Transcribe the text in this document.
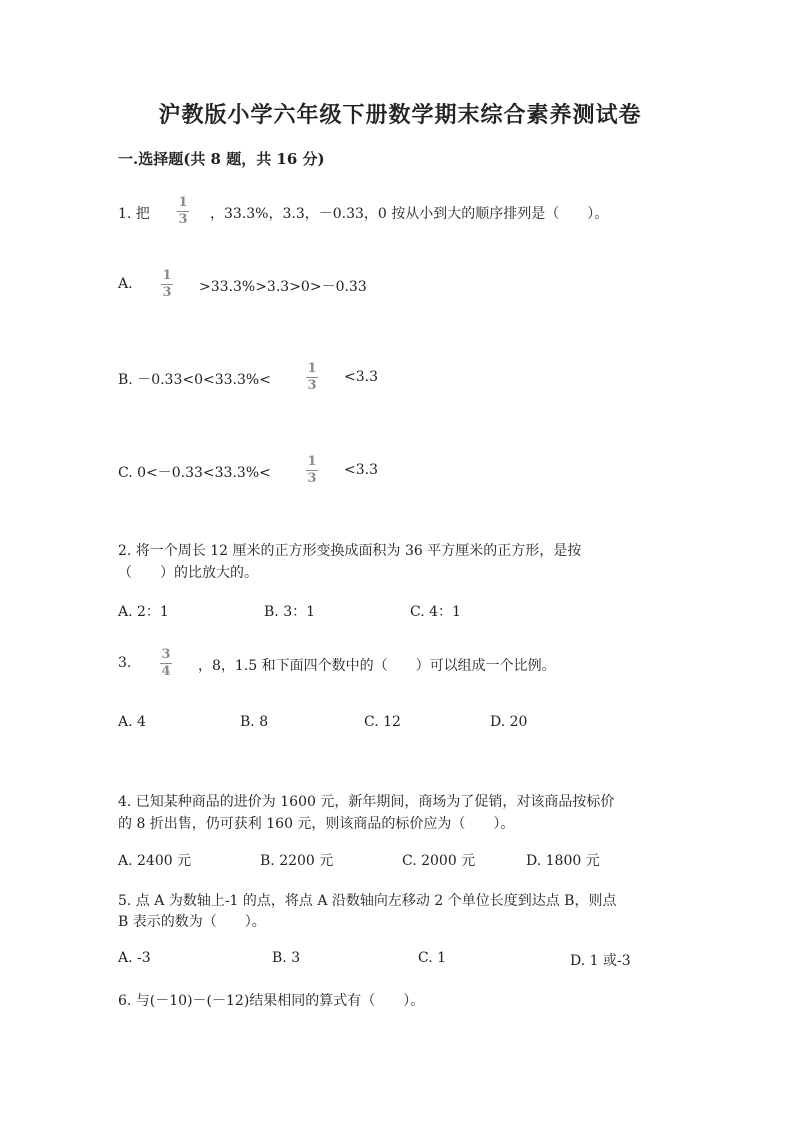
沪教版小学六年级下册数学期末综合素养测试卷
一.选择题(共 8 题，共 16 分)
1. 把
1
3 ，33.3%，3.3，－0.33，0 按从小到大的顺序排列是（　　）。
A.
1
3 >33.3%>3.3>0>－0.33
B. －0.33<0<33.3%<
1
3
<3.3
C. 0<－0.33<33.3%<
1
3
<3.3
2. 将一个周长 12 厘米的正方形变换成面积为 36 平方厘米的正方形，是按
（　　）的比放大的。
A. 2：1	B. 3：1	C. 4：1
3.
3
4 ，8，1.5 和下面四个数中的（　　）可以组成一个比例。
A. 4	B. 8	C. 12	D. 20
4. 已知某种商品的进价为 1600 元，新年期间，商场为了促销，对该商品按标价
的 8 折出售，仍可获利 160 元，则该商品的标价应为（　　）。
A. 2400 元	B. 2200 元	C. 2000 元	D. 1800 元
5. 点 A 为数轴上-1 的点，将点 A 沿数轴向左移动 2 个单位长度到达点 B，则点
B 表示的数为（　　）。
A. -3	B. 3	C. 1	D. 1 或-3
6. 与(－10)－(－12)结果相同的算式有（　　）。
